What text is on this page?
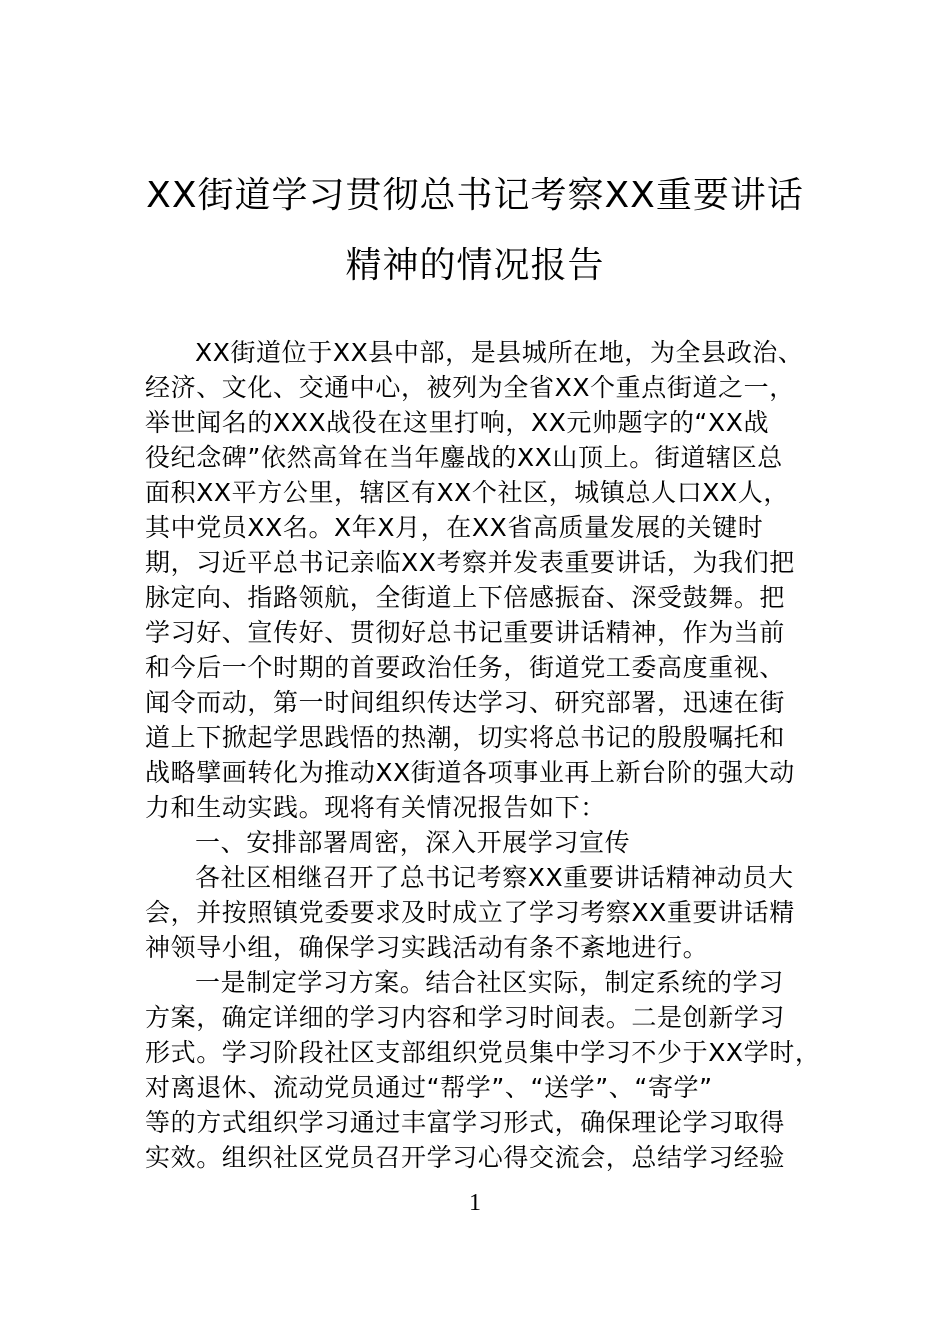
XX街道学习贯彻总书记考察XX重要讲话
精神的情况报告
XX街道位于XX县中部，是县城所在地，为全县政治、
经济、文化、交通中心，被列为全省XX个重点街道之一，
举世闻名的XXX战役在这里打响，XX元帅题字的“XX战
役纪念碑”依然高耸在当年鏖战的XX山顶上。街道辖区总
面积XX平方公里，辖区有XX个社区，城镇总人口XX人，
其中党员XX名。X年X月，在XX省高质量发展的关键时
期，习近平总书记亲临XX考察并发表重要讲话，为我们把
脉定向、指路领航，全街道上下倍感振奋、深受鼓舞。把
学习好、宣传好、贯彻好总书记重要讲话精神，作为当前
和今后一个时期的首要政治任务，街道党工委高度重视、
闻令而动，第一时间组织传达学习、研究部署，迅速在街
道上下掀起学思践悟的热潮，切实将总书记的殷殷嘱托和
战略擘画转化为推动XX街道各项事业再上新台阶的强大动
力和生动实践。现将有关情况报告如下：
一、安排部署周密，深入开展学习宣传
各社区相继召开了总书记考察XX重要讲话精神动员大
会，并按照镇党委要求及时成立了学习考察XX重要讲话精
神领导小组，确保学习实践活动有条不紊地进行。
一是制定学习方案。结合社区实际，制定系统的学习
方案，确定详细的学习内容和学习时间表。二是创新学习
形式。学习阶段社区支部组织党员集中学习不少于XX学时，
对离退休、流动党员通过“帮学”、“送学”、“寄学”
等的方式组织学习通过丰富学习形式，确保理论学习取得
实效。组织社区党员召开学习心得交流会，总结学习经验
1
